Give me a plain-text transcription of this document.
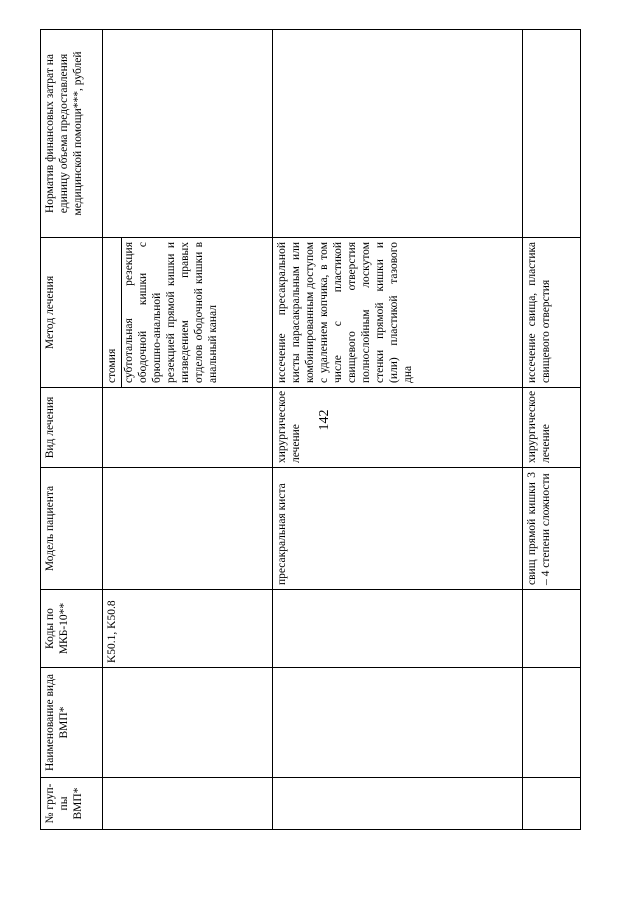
142
№ груп-пы ВМП*	Наименование вида ВМП*	Коды по МКБ-10**	Модель пациента	Вид лечения	Метод лечения	Норматив финансовых затрат на единицу объема предоставления медицинской помощи***, рублей
		K50.1, K50.8			стомия субтотальная резекция ободочной кишки с брюшно-анальной резекцией прямой кишки и низведением правых отделов ободочной кишки в анальный канал	
			пресакральная киста	хирургическое лечение	иссечение пресакральной кисты парасакральным или комбинированным доступом с удалением копчика, в том числе с пластикой свищевого отверстия полнослойным лоскутом стенки прямой кишки и (или) пластикой тазового дна	
			свищ прямой кишки 3 – 4 степени сложности	хирургическое лечение	иссечение свища, пластика свищевого отверстия	
